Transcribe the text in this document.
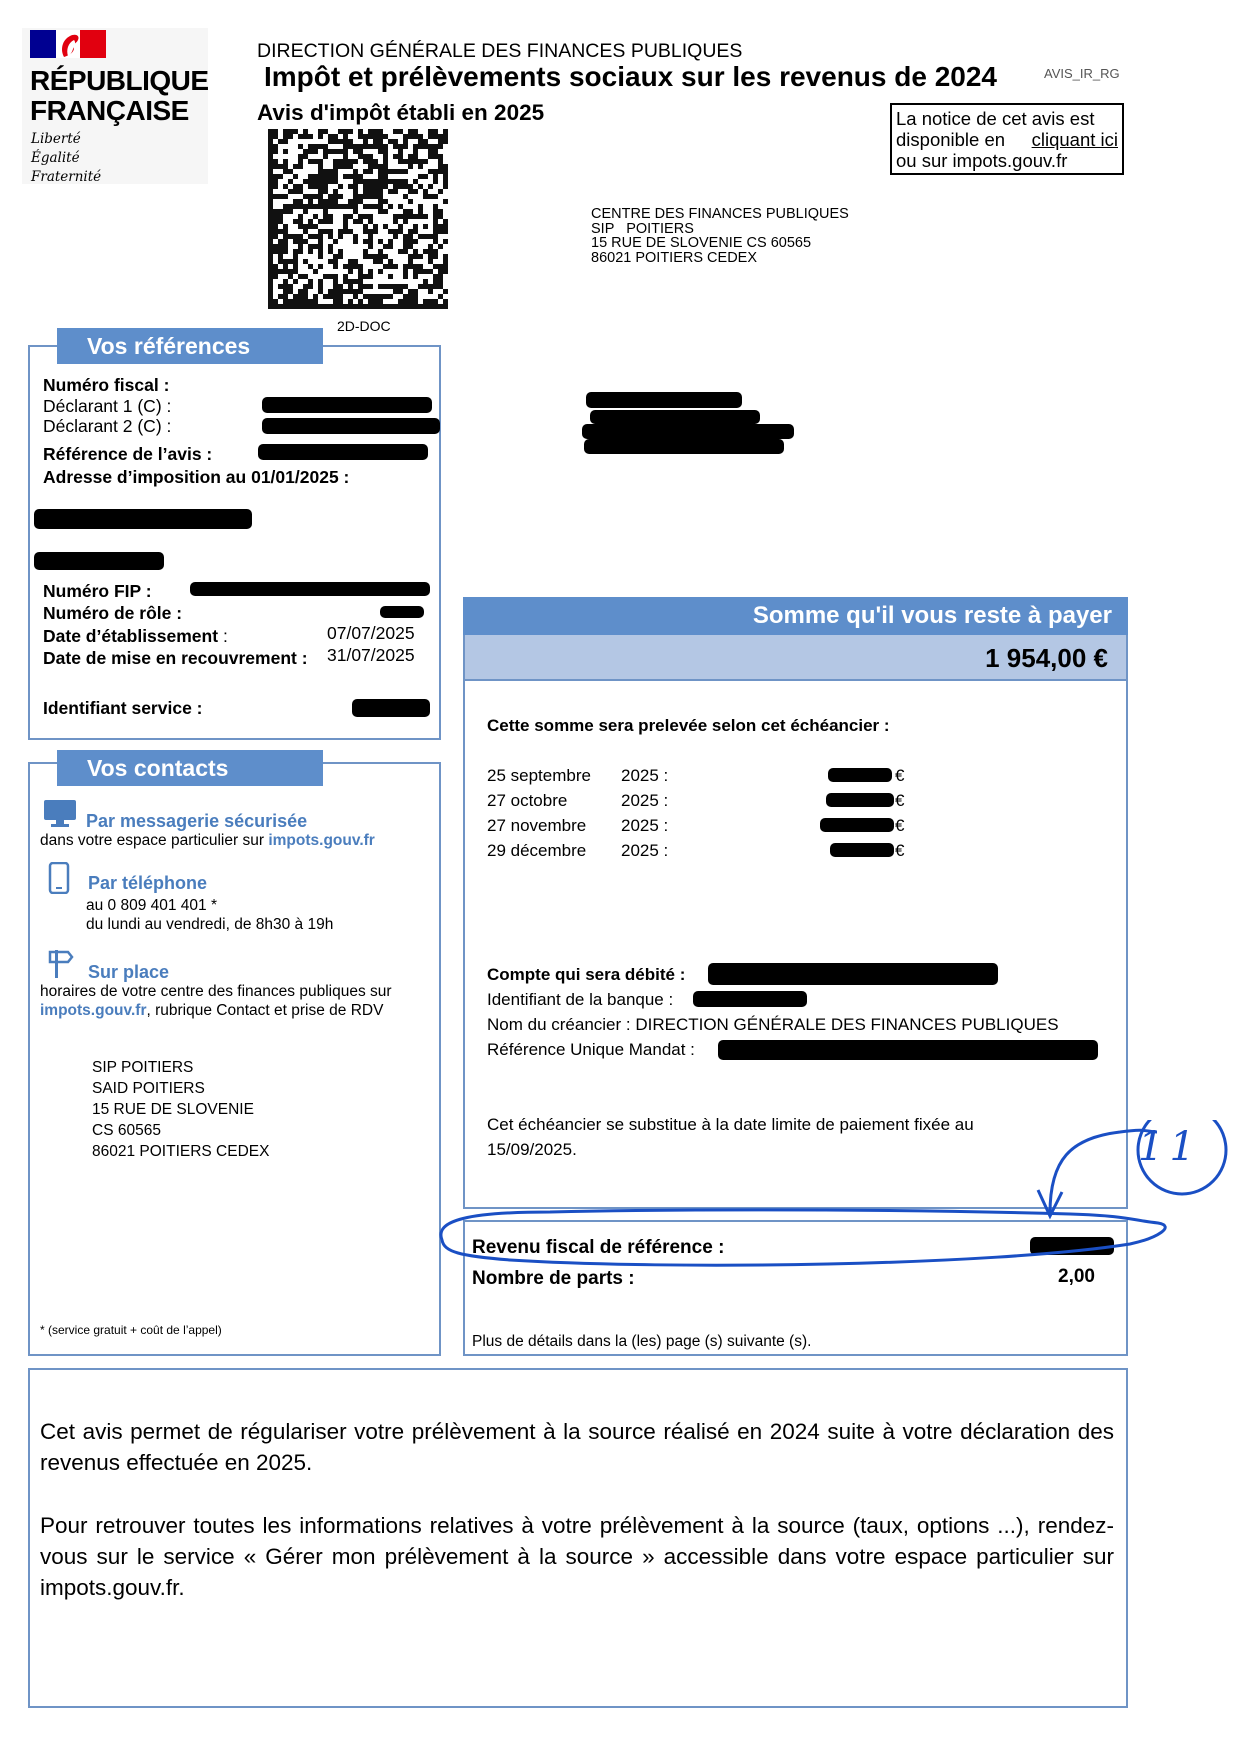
RÉPUBLIQUE
FRANÇAISE
Liberté
Égalité
Fraternité
DIRECTION GÉNÉRALE DES FINANCES PUBLIQUES
Impôt et prélèvements sociaux sur les revenus de 2024	AVIS_IR_RG
Avis d'impôt établi en 2025	La notice de cet avis est
disponible en cliquant ici
ou sur impots.gouv.fr
2D-DOC
CENTRE DES FINANCES PUBLIQUES
SIP   POITIERS
15 RUE DE SLOVENIE CS 60565
86021 POITIERS CEDEX
Vos références
Numéro fiscal :
Déclarant 1 (C) :
Déclarant 2 (C) :
Référence de l’avis :
Adresse d’imposition au 01/01/2025 :
Numéro FIP :
Numéro de rôle :
Date d’établissement :	07/07/2025
Date de mise en recouvrement : 31/07/2025
Identifiant service :
Vos contacts
Par messagerie sécurisée
dans votre espace particulier sur impots.gouv.fr
Par téléphone
au 0 809 401 401 *
du lundi au vendredi, de 8h30 à 19h
Sur place
horaires de votre centre des finances publiques sur
impots.gouv.fr, rubrique Contact et prise de RDV
SIP POITIERS
SAID POITIERS
15 RUE DE SLOVENIE
CS 60565
86021 POITIERS CEDEX
* (service gratuit + coût de l’appel)
Somme qu'il vous reste à payer
1 954,00 €
Cette somme sera prelevée selon cet échéancier :
25 septembre 2025 :	€
27 octobre	2025 :	€
27 novembre 2025 :	€
29 décembre 2025 :	€
Compte qui sera débité :
Identifiant de la banque :
Nom du créancier : DIRECTION GÉNÉRALE DES FINANCES PUBLIQUES
Référence Unique Mandat :
Cet échéancier se substitue à la date limite de paiement fixée au
15/09/2025.
Revenu fiscal de référence :
Nombre de parts :	2,00
Plus de détails dans la (les) page (s) suivante (s).
11
Cet avis permet de régulariser votre prélèvement à la source réalisé en 2024 suite à votre déclaration des revenus effectuée en 2025.
Pour retrouver toutes les informations relatives à votre prélèvement à la source (taux, options ...), rendez-vous sur le service « Gérer mon prélèvement à la source » accessible dans votre espace particulier sur impots.gouv.fr.
